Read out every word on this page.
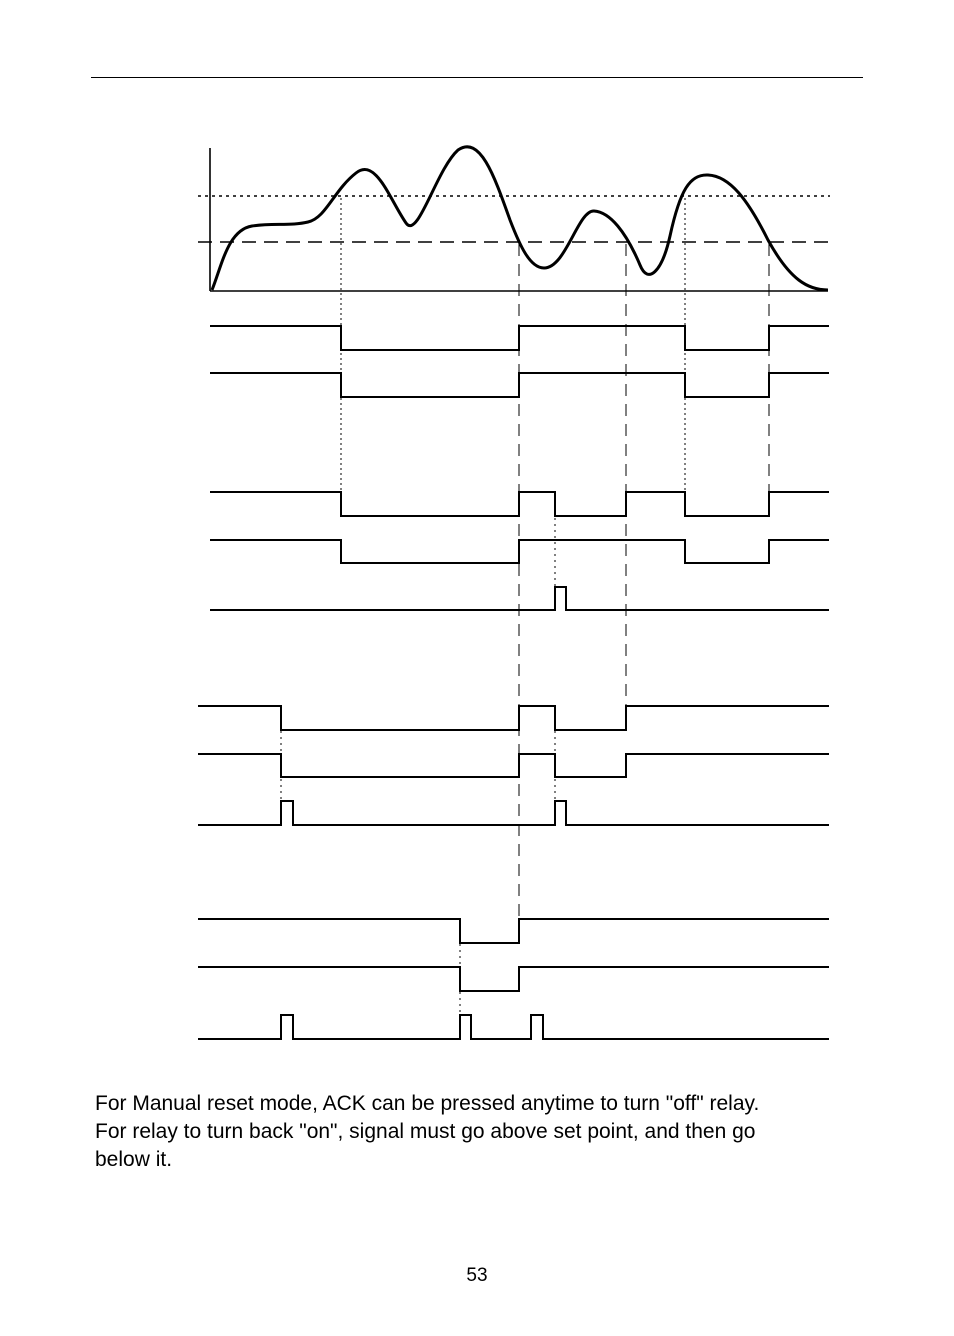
For Manual reset mode, ACK can be pressed anytime to turn "off" relay.
For relay to turn back "on", signal must go above set point, and then go
below it.

53
